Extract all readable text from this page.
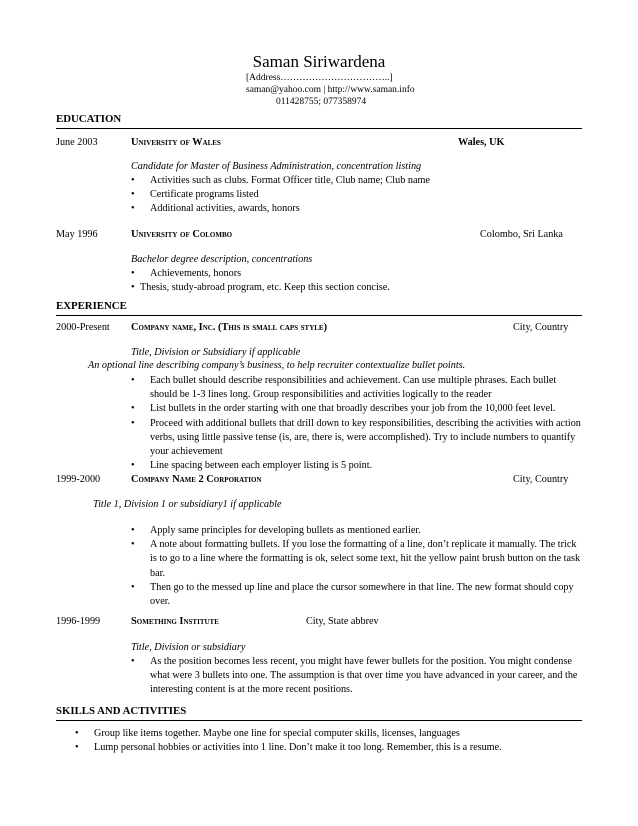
Saman Siriwardena
[Address……………………………..]
saman@yahoo.com | http://www.saman.info
011428755; 077358974
EDUCATION
June 2003	University of Wales	Wales, UK
Candidate for Master of Business Administration, concentration listing
• Activities such as clubs. Format Officer title, Club name; Club name
• Certificate programs listed
• Additional activities, awards, honors
May 1996	University of Colombo	Colombo, Sri Lanka
Bachelor degree description, concentrations
• Achievements, honors
• Thesis, study-abroad program, etc. Keep this section concise.
EXPERIENCE
2000-Present Company name, Inc. (This is small caps style)	City, Country
Title, Division or Subsidiary if applicable
An optional line describing company’s business, to help recruiter contextualize bullet points.
• Each bullet should describe responsibilities and achievement. Can use multiple phrases. Each bullet should be 1-3 lines long. Group responsibilities and activities logically to the reader
• List bullets in the order starting with one that broadly describes your job from the 10,000 feet level.
• Proceed with additional bullets that drill down to key responsibilities, describing the activities with action verbs, using little passive tense (is, are, there is, were accomplished). Try to include numbers to quantify your achievement
• Line spacing between each employer listing is 5 point.
1999-2000	Company Name 2 Corporation	City, Country
Title 1, Division 1 or subsidiary1 if applicable
• Apply same principles for developing bullets as mentioned earlier.
• A note about formatting bullets. If you lose the formatting of a line, don’t replicate it manually. The trick is to go to a line where the formatting is ok, select some text, hit the yellow paint brush button on the task bar.
• Then go to the messed up line and place the cursor somewhere in that line. The new format should copy over.
1996-1999	Something Institute	City, State abbrev
Title, Division or subsidiary
• As the position becomes less recent, you might have fewer bullets for the position. You might condense what were 3 bullets into one. The assumption is that over time you have advanced in your career, and the interesting content is at the more recent positions.
SKILLS AND ACTIVITIES
• Group like items together. Maybe one line for special computer skills, licenses, languages
• Lump personal hobbies or activities into 1 line. Don’t make it too long. Remember, this is a resume.
